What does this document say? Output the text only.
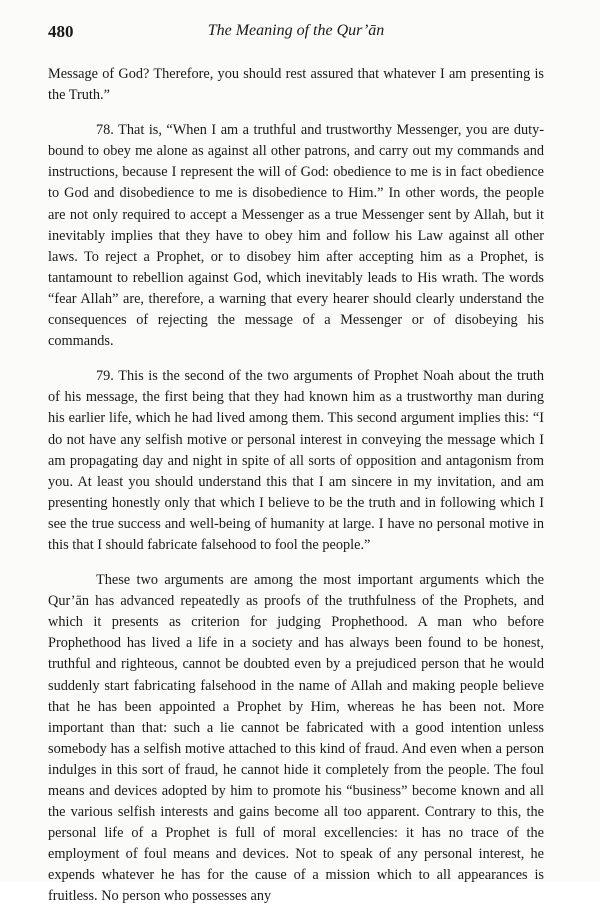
480	The Meaning of the Qur’ān

Message of God? Therefore, you should rest assured that whatever I am presenting is the Truth.”

78. That is, “When I am a truthful and trustworthy Messenger, you are duty-bound to obey me alone as against all other patrons, and carry out my commands and instructions, because I represent the will of God: obedience to me is in fact obedience to God and disobedience to me is disobedience to Him.” In other words, the people are not only required to accept a Messenger as a true Messenger sent by Allah, but it inevitably implies that they have to obey him and follow his Law against all other laws. To reject a Prophet, or to disobey him after accepting him as a Prophet, is tantamount to rebellion against God, which inevitably leads to His wrath. The words “fear Allah” are, therefore, a warning that every hearer should clearly understand the consequences of rejecting the message of a Messenger or of disobeying his commands.

79. This is the second of the two arguments of Prophet Noah about the truth of his message, the first being that they had known him as a trustworthy man during his earlier life, which he had lived among them. This second argument implies this: “I do not have any selfish motive or personal interest in conveying the message which I am propagating day and night in spite of all sorts of opposition and antagonism from you. At least you should understand this that I am sincere in my invitation, and am presenting honestly only that which I believe to be the truth and in following which I see the true success and well-being of humanity at large. I have no personal motive in this that I should fabricate falsehood to fool the people.”

These two arguments are among the most important arguments which the Qur’ān has advanced repeatedly as proofs of the truthfulness of the Prophets, and which it presents as criterion for judging Prophethood. A man who before Prophethood has lived a life in a society and has always been found to be honest, truthful and righteous, cannot be doubted even by a prejudiced person that he would suddenly start fabricating falsehood in the name of Allah and making people believe that he has been appointed a Prophet by Him, whereas he has been not. More important than that: such a lie cannot be fabricated with a good intention unless somebody has a selfish motive attached to this kind of fraud. And even when a person indulges in this sort of fraud, he cannot hide it completely from the people. The foul means and devices adopted by him to promote his “business” become known and all the various selfish interests and gains become all too apparent. Contrary to this, the personal life of a Prophet is full of moral excellencies: it has no trace of the employment of foul means and devices. Not to speak of any personal interest, he expends whatever he has for the cause of a mission which to all appearances is fruitless. No person who possesses any
